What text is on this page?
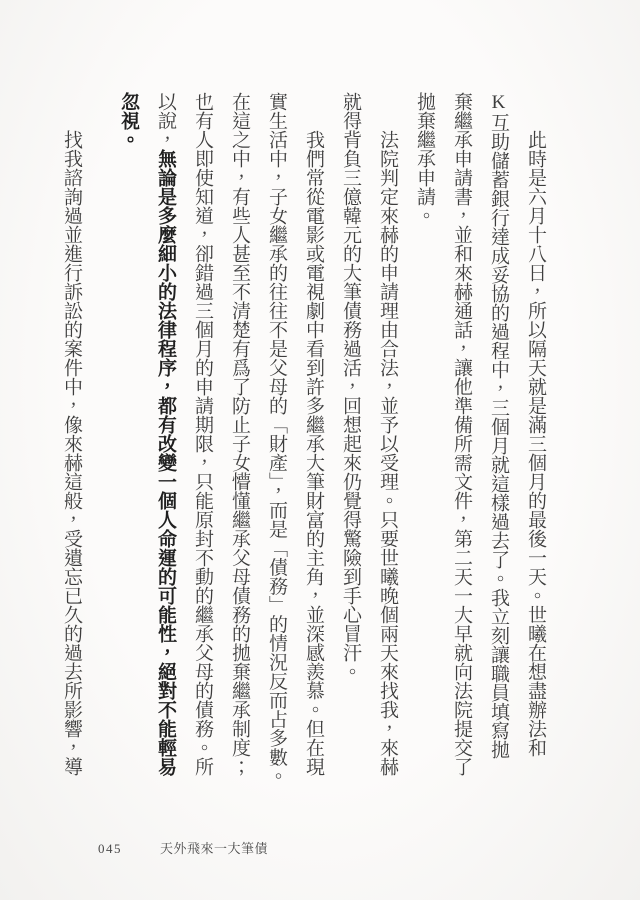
此時是六月十八日，所以隔天就是滿三個月的最後一天。世曦在想盡辦法和
K互助儲蓄銀行達成妥協的過程中，三個月就這樣過去了。我立刻讓職員填寫拋
棄繼承申請書，並和來赫通話，讓他準備所需文件，第二天一大早就向法院提交了
拋棄繼承申請。
法院判定來赫的申請理由合法，並予以受理。只要世曦晚個兩天來找我，來赫
就得背負三億韓元的大筆債務過活，回想起來仍覺得驚險到手心冒汗。
我們常從電影或電視劇中看到許多繼承大筆財富的主角，並深感羨慕。但在現
實生活中，子女繼承的往往不是父母的「財產」，而是「債務」的情況反而占多數。
在這之中，有些人甚至不清楚有爲了防止子女懵懂繼承父母債務的拋棄繼承制度；
也有人即使知道，卻錯過三個月的申請期限，只能原封不動的繼承父母的債務。所
以說，無論是多麼細小的法律程序，都有改變一個人命運的可能性，絕對不能輕易
忽視。
找我諮詢過並進行訴訟的案件中，像來赫這般，受遺忘已久的過去所影響，導
045	天外飛來一大筆債
